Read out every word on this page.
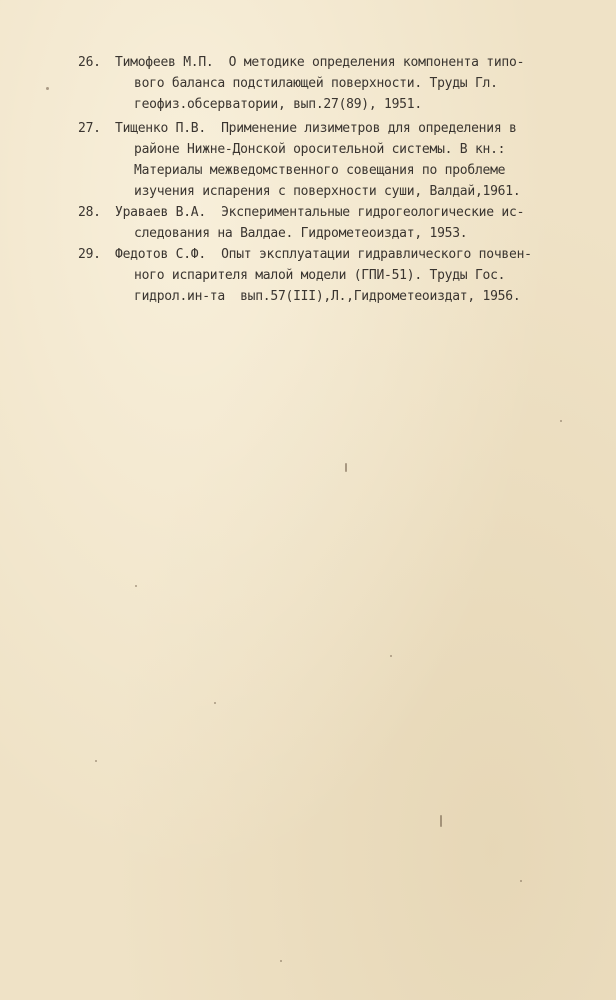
26.	Тимофеев М.П.  О методике определения компонента типо-
вого баланса подстилающей поверхности. Труды Гл.
геофиз.обсерватории, вып.27(89), 1951.
27.	Тищенко П.В.  Применение лизиметров для определения в
районе Нижне-Донской оросительной системы. В кн.:
Материалы межведомственного совещания по проблеме
изучения испарения с поверхности суши, Валдай,1961.
28.	Ураваев В.А.  Экспериментальные гидрогеологические ис-
следования на Валдае. Гидрометеоиздат, 1953.
29.	Федотов С.Ф.  Опыт эксплуатации гидравлического почвен-
ного испарителя малой модели (ГПИ-51). Труды Гос.
гидрол.ин-та  вып.57(III),Л.,Гидрометеоиздат, 1956.
